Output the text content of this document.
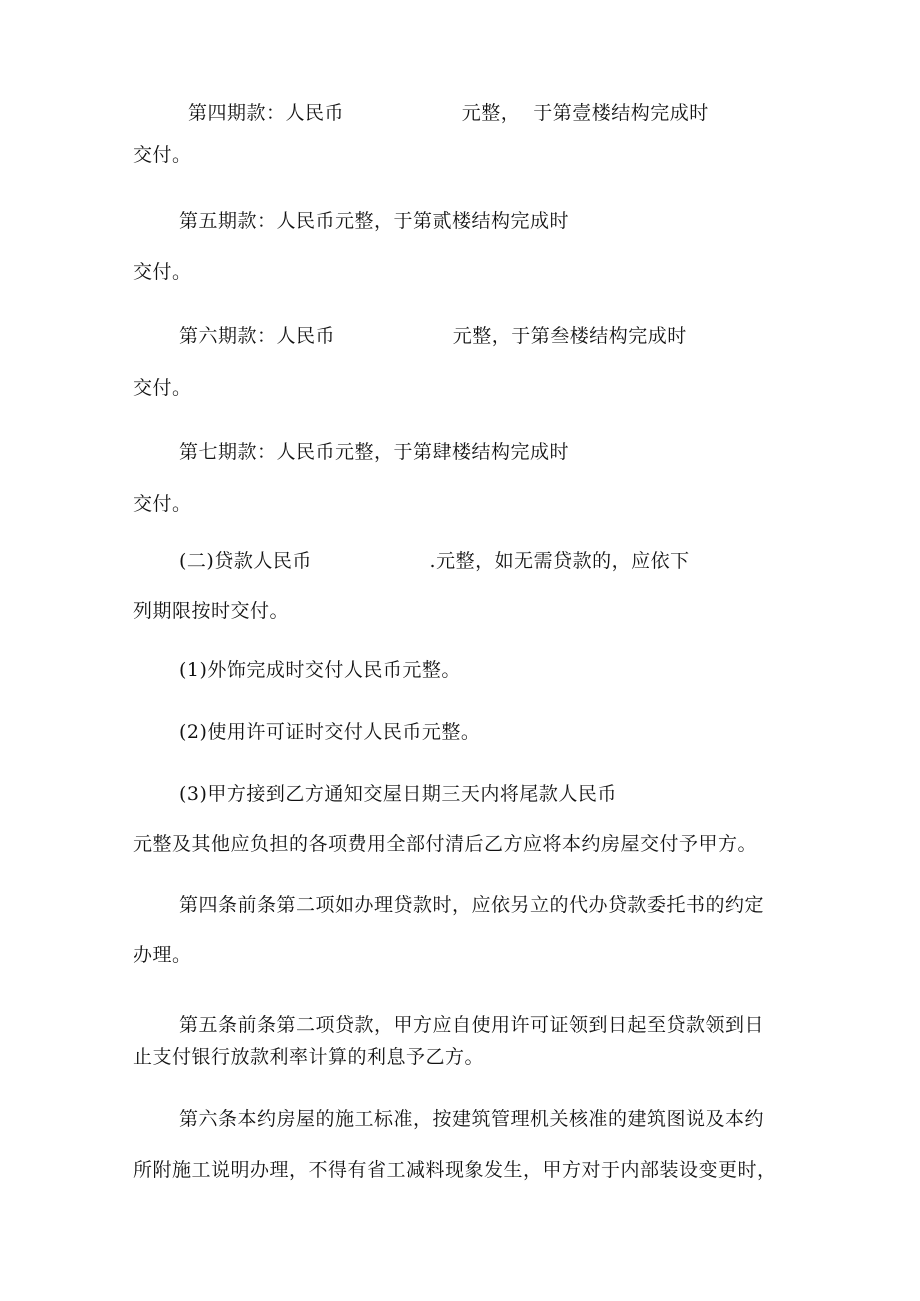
第四期款：人民币                  元整，  于第壹楼结构完成时
交付。
第五期款：人民币元整，于第贰楼结构完成时
交付。
第六期款：人民币                  元整，于第叁楼结构完成时
交付。
第七期款：人民币元整，于第肆楼结构完成时
交付。
(二)贷款人民币                  .元整，如无需贷款的，应依下
列期限按时交付。
(1)外饰完成时交付人民币元整。
(2)使用许可证时交付人民币元整。
(3)甲方接到乙方通知交屋日期三天内将尾款人民币
元整及其他应负担的各项费用全部付清后乙方应将本约房屋交付予甲方。
第四条前条第二项如办理贷款时，应依另立的代办贷款委托书的约定
办理。
第五条前条第二项贷款，甲方应自使用许可证领到日起至贷款领到日
止支付银行放款利率计算的利息予乙方。
第六条本约房屋的施工标准，按建筑管理机关核准的建筑图说及本约
所附施工说明办理，不得有省工减料现象发生，甲方对于内部装设变更时，
